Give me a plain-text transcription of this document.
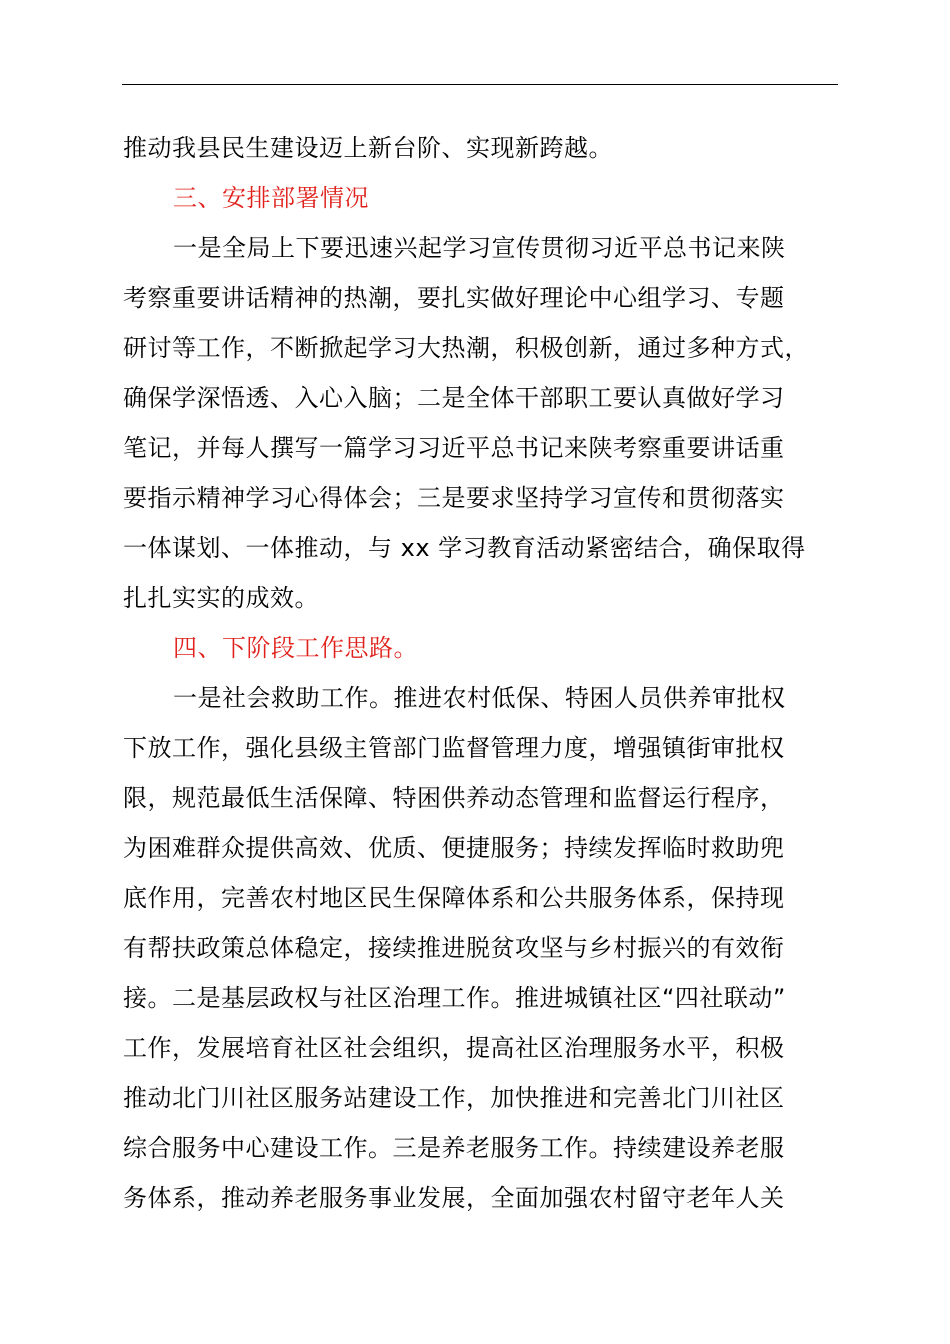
推动我县民生建设迈上新台阶、实现新跨越。
三、安排部署情况
一是全局上下要迅速兴起学习宣传贯彻习近平总书记来陕
考察重要讲话精神的热潮，要扎实做好理论中心组学习、专题
研讨等工作，不断掀起学习大热潮，积极创新，通过多种方式，
确保学深悟透、入心入脑；二是全体干部职工要认真做好学习
笔记，并每人撰写一篇学习习近平总书记来陕考察重要讲话重
要指示精神学习心得体会；三是要求坚持学习宣传和贯彻落实
一体谋划、一体推动，与 xx 学习教育活动紧密结合，确保取得
扎扎实实的成效。
四、下阶段工作思路。
一是社会救助工作。推进农村低保、特困人员供养审批权
下放工作，强化县级主管部门监督管理力度，增强镇街审批权
限，规范最低生活保障、特困供养动态管理和监督运行程序，
为困难群众提供高效、优质、便捷服务；持续发挥临时救助兜
底作用，完善农村地区民生保障体系和公共服务体系，保持现
有帮扶政策总体稳定，接续推进脱贫攻坚与乡村振兴的有效衔
接。二是基层政权与社区治理工作。推进城镇社区“四社联动”
工作，发展培育社区社会组织，提高社区治理服务水平，积极
推动北门川社区服务站建设工作，加快推进和完善北门川社区
综合服务中心建设工作。三是养老服务工作。持续建设养老服
务体系，推动养老服务事业发展，全面加强农村留守老年人关
